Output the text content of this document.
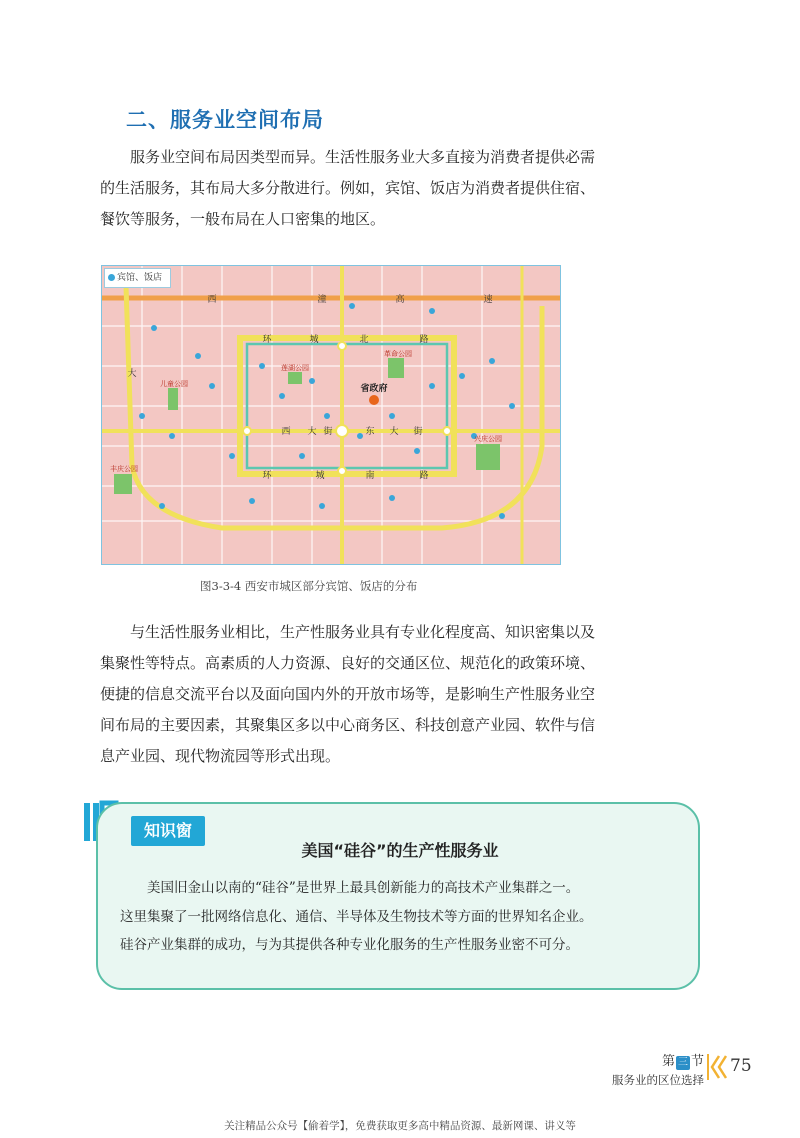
二、服务业空间布局

服务业空间布局因类型而异。生活性服务业大多直接为消费者提供必需的生活服务，其布局大多分散进行。例如，宾馆、饭店为消费者提供住宿、餐饮等服务，一般布局在人口密集的地区。

西	潼	高	速
环	城	北	路
西 大 街	东 大 街
环	城	南	路
大
革命公园
兴庆公园
丰庆公园
儿童公园
莲湖公园
省政府
宾馆、饭店
图3-3-4 西安市城区部分宾馆、饭店的分布

与生活性服务业相比，生产性服务业具有专业化程度高、知识密集以及集聚性等特点。高素质的人力资源、良好的交通区位、规范化的政策环境、便捷的信息交流平台以及面向国内外的开放市场等，是影响生产性服务业空间布局的主要因素，其聚集区多以中心商务区、科技创意产业园、软件与信息产业园、现代物流园等形式出现。

知识窗
美国“硅谷”的生产性服务业

美国旧金山以南的“硅谷”是世界上最具创新能力的高技术产业集群之一。

这里集聚了一批网络信息化、通信、半导体及生物技术等方面的世界知名企业。

硅谷产业集群的成功，与为其提供各种专业化服务的生产性服务业密不可分。

第 三 节
服务业的区位选择
75
关注精品公众号【偷着学】，免费获取更多高中精品资源、最新网课、讲义等
